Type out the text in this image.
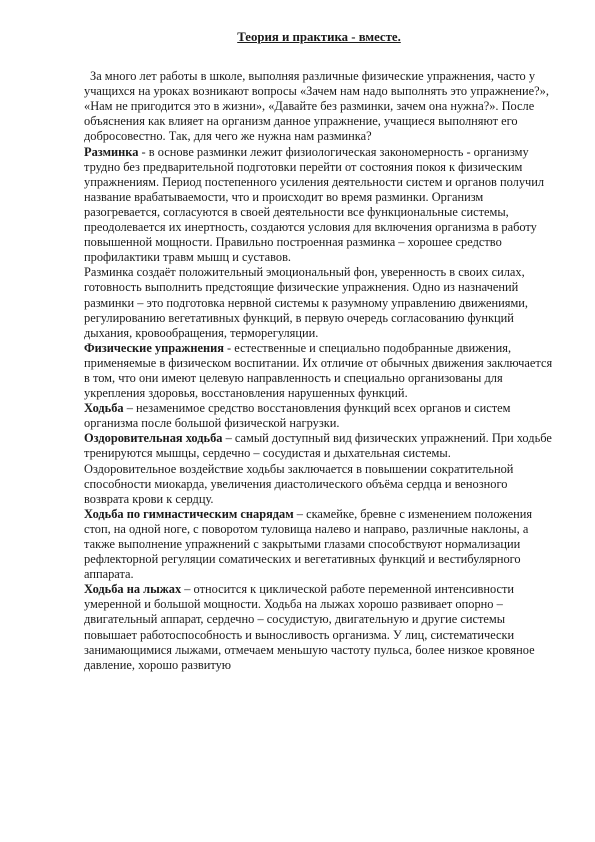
Теория и практика - вместе.

За много лет работы в школе, выполняя различные физические упражнения, часто у учащихся на уроках возникают вопросы «Зачем нам надо выполнять это упражнение?», «Нам не пригодится это в жизни», «Давайте без разминки, зачем она нужна?». После объяснения как влияет на организм данное упражнение, учащиеся выполняют его добросовестно. Так, для чего же нужна нам разминка?

Разминка - в основе разминки лежит физиологическая закономерность - организму трудно без предварительной подготовки перейти от состояния покоя к физическим упражнениям. Период постепенного усиления деятельности систем и органов получил название врабатываемости, что и происходит во время разминки. Организм разогревается, согласуются в своей деятельности все функциональные системы, преодолевается их инертность, создаются условия для включения организма в работу повышенной мощности. Правильно построенная разминка – хорошее средство профилактики травм мышц и суставов.

Разминка создаёт положительный эмоциональный фон, уверенность в своих силах, готовность выполнить предстоящие физические упражнения. Одно из назначений разминки – это подготовка нервной системы к разумному управлению движениями, регулированию вегетативных функций, в первую очередь согласованию функций дыхания, кровообращения, терморегуляции.

Физические упражнения - естественные и специально подобранные движения, применяемые в физическом воспитании. Их отличие от обычных движения заключается в том, что они имеют целевую направленность и специально организованы для укрепления здоровья, восстановления нарушенных функций.

Ходьба – незаменимое средство восстановления функций всех органов и систем организма после большой физической нагрузки.

Оздоровительная ходьба – самый доступный вид физических упражнений. При ходьбе тренируются мышцы, сердечно – сосудистая и дыхательная системы.

Оздоровительное воздействие ходьбы заключается в повышении сократительной способности миокарда, увеличения диастолического объёма сердца и венозного возврата крови к сердцу.

Ходьба по гимнастическим снарядам – скамейке, бревне с изменением положения стоп, на одной ноге, с поворотом туловища налево и направо, различные наклоны, а также выполнение упражнений с закрытыми глазами способствуют нормализации рефлекторной регуляции соматических и вегетативных функций и вестибулярного аппарата.

Ходьба на лыжах – относится к циклической работе переменной интенсивности умеренной и большой мощности. Ходьба на лыжах хорошо развивает опорно – двигательный аппарат, сердечно – сосудистую, двигательную и другие системы повышает работоспособность и выносливость организма. У лиц, систематически занимающимися лыжами, отмечаем меньшую частоту пульса, более низкое кровяное давление, хорошо развитую
